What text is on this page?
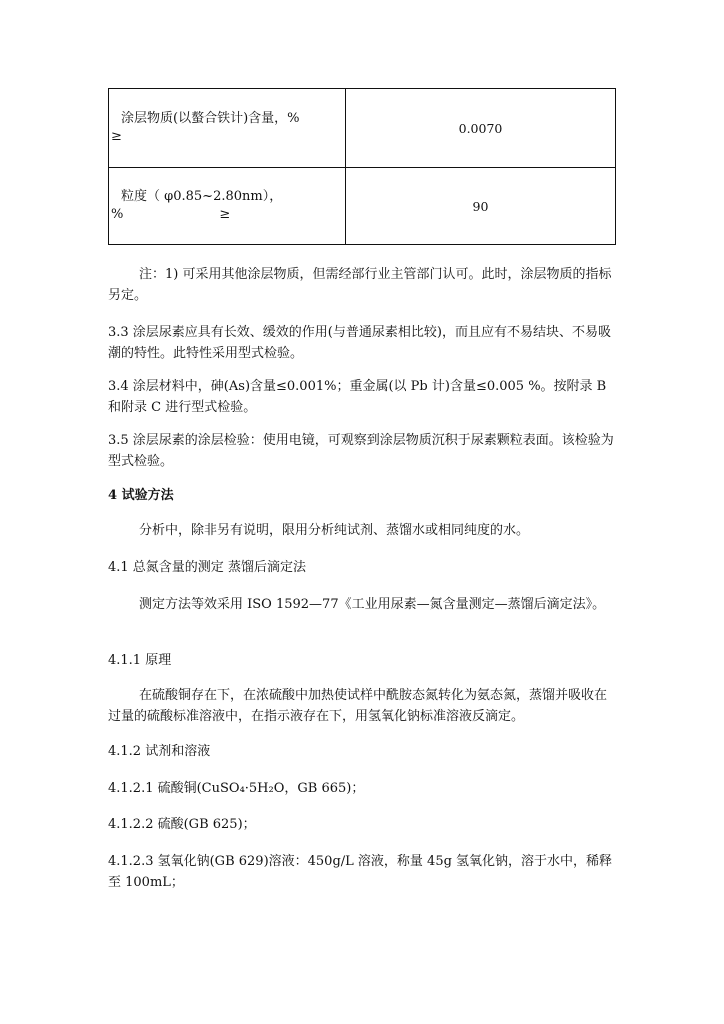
涂层物质(以螯合铁计)含量，%
≥	0.0070

粒度（ φ0.85~2.80nm），
% ≥	90

注：1) 可采用其他涂层物质，但需经部行业主管部门认可。此时，涂层物质的指标另定。

3.3 涂层尿素应具有长效、缓效的作用(与普通尿素相比较)，而且应有不易结块、不易吸潮的特性。此特性采用型式检验。

3.4 涂层材料中，砷(As)含量≤0.001%；重金属(以 Pb 计)含量≤0.005 %。按附录 B 和附录 C 进行型式检验。

3.5 涂层尿素的涂层检验：使用电镜，可观察到涂层物质沉积于尿素颗粒表面。该检验为型式检验。

4 试验方法

分析中，除非另有说明，限用分析纯试剂、蒸馏水或相同纯度的水。

4.1 总氮含量的测定 蒸馏后滴定法

测定方法等效采用 ISO 1592—77《工业用尿素—氮含量测定—蒸馏后滴定法》。

4.1.1 原理

在硫酸铜存在下，在浓硫酸中加热使试样中酰胺态氮转化为氨态氮，蒸馏并吸收在过量的硫酸标准溶液中，在指示液存在下，用氢氧化钠标准溶液反滴定。

4.1.2 试剂和溶液

4.1.2.1 硫酸铜(CuSO₄·5H₂O，GB 665)；

4.1.2.2 硫酸(GB 625)；

4.1.2.3 氢氧化钠(GB 629)溶液：450g/L 溶液，称量 45g 氢氧化钠，溶于水中，稀释至 100mL；
